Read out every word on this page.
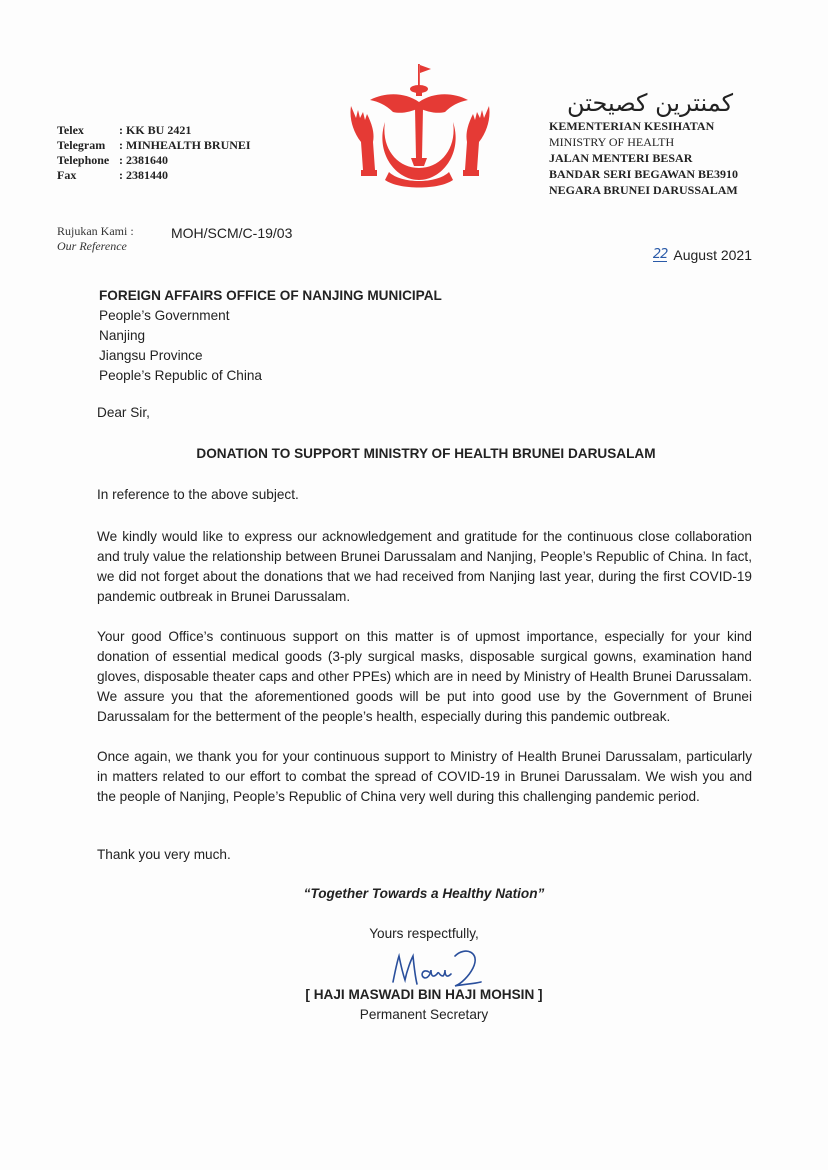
Telex	: KK BU 2421
Telegram	: MINHEALTH BRUNEI
Telephone : 2381640
Fax	: 2381440
كمنترين كصيحتن
KEMENTERIAN KESIHATAN
MINISTRY OF HEALTH
JALAN MENTERI BESAR
BANDAR SERI BEGAWAN BE3910
NEGARA BRUNEI DARUSSALAM
Rujukan Kami :
Our Reference
MOH/SCM/C-19/03
22 August 2021
FOREIGN AFFAIRS OFFICE OF NANJING MUNICIPAL
People’s Government
Nanjing
Jiangsu Province
People’s Republic of China
Dear Sir,
DONATION TO SUPPORT MINISTRY OF HEALTH BRUNEI DARUSALAM
In reference to the above subject.
We kindly would like to express our acknowledgement and gratitude for the continuous close collaboration and truly value the relationship between Brunei Darussalam and Nanjing, People’s Republic of China. In fact, we did not forget about the donations that we had received from Nanjing last year, during the first COVID-19 pandemic outbreak in Brunei Darussalam.
Your good Office’s continuous support on this matter is of upmost importance, especially for your kind donation of essential medical goods (3-ply surgical masks, disposable surgical gowns, examination hand gloves, disposable theater caps and other PPEs) which are in need by Ministry of Health Brunei Darussalam. We assure you that the aforementioned goods will be put into good use by the Government of Brunei Darussalam for the betterment of the people’s health, especially during this pandemic outbreak.
Once again, we thank you for your continuous support to Ministry of Health Brunei Darussalam, particularly in matters related to our effort to combat the spread of COVID-19 in Brunei Darussalam. We wish you and the people of Nanjing, People’s Republic of China very well during this challenging pandemic period.
Thank you very much.
“Together Towards a Healthy Nation”
Yours respectfully,
[ HAJI MASWADI BIN HAJI MOHSIN ]
Permanent Secretary
